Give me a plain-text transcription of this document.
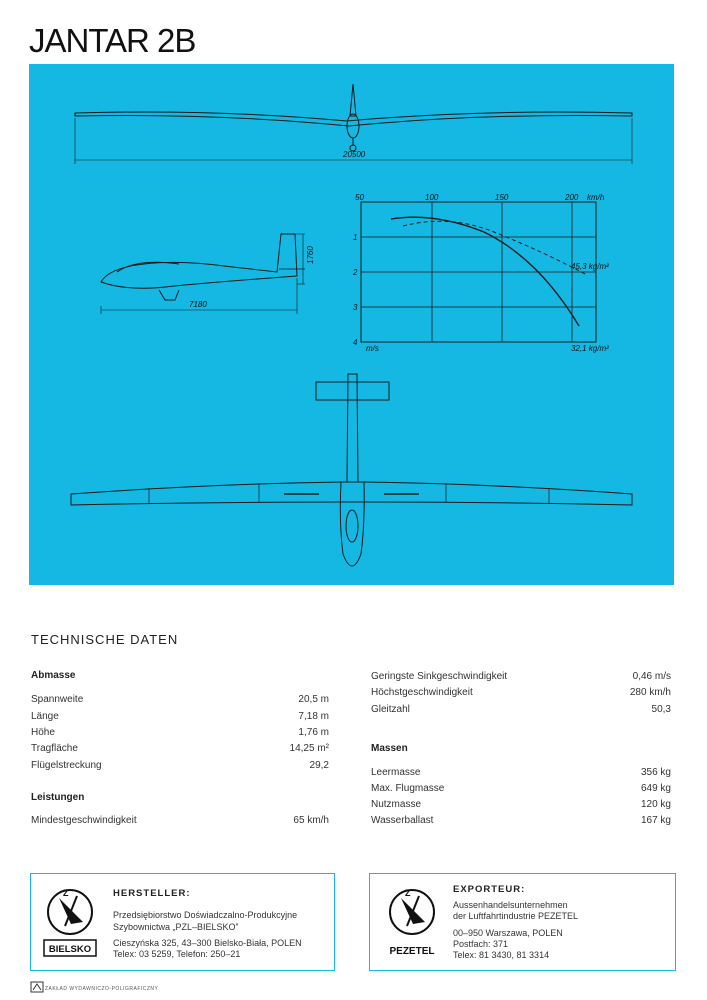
JANTAR 2B
20500
7180
1760
50	100	150	200 km/h
1
2
3
4
m/s
45,3 kg/m²
32,1 kg/m²
TECHNISCHE DATEN
Abmasse
Spannweite	20,5 m
Länge	7,18 m
Höhe	1,76 m
Tragfläche	14,25 m²
Flügelstreckung	29,2
Leistungen
Mindestgeschwindigkeit	65 km/h
Geringste Sinkgeschwindigkeit	0,46 m/s
Höchstgeschwindigkeit	280 km/h
Gleitzahl	50,3
Massen
Leermasse	356 kg
Max. Flugmasse	649 kg
Nutzmasse	120 kg
Wasserballast	167 kg
Z
BIELSKO
HERSTELLER:
Przedsiębiorstwo Doświadczalno-Produkcyjne
Szybownictwa „PZL–BIELSKO”
Cieszyńska 325, 43–300 Bielsko-Biała, POLEN
Telex: 03 5259, Telefon: 250–21
Z
PEZETEL
EXPORTEUR:
Aussenhandelsunternehmen
der Luftfahrtindustrie PEZETEL
00–950 Warszawa, POLEN
Postfach: 371
Telex: 81 3430, 81 3314
ZAKŁAD WYDAWNICZO-POLIGRAFICZNY
